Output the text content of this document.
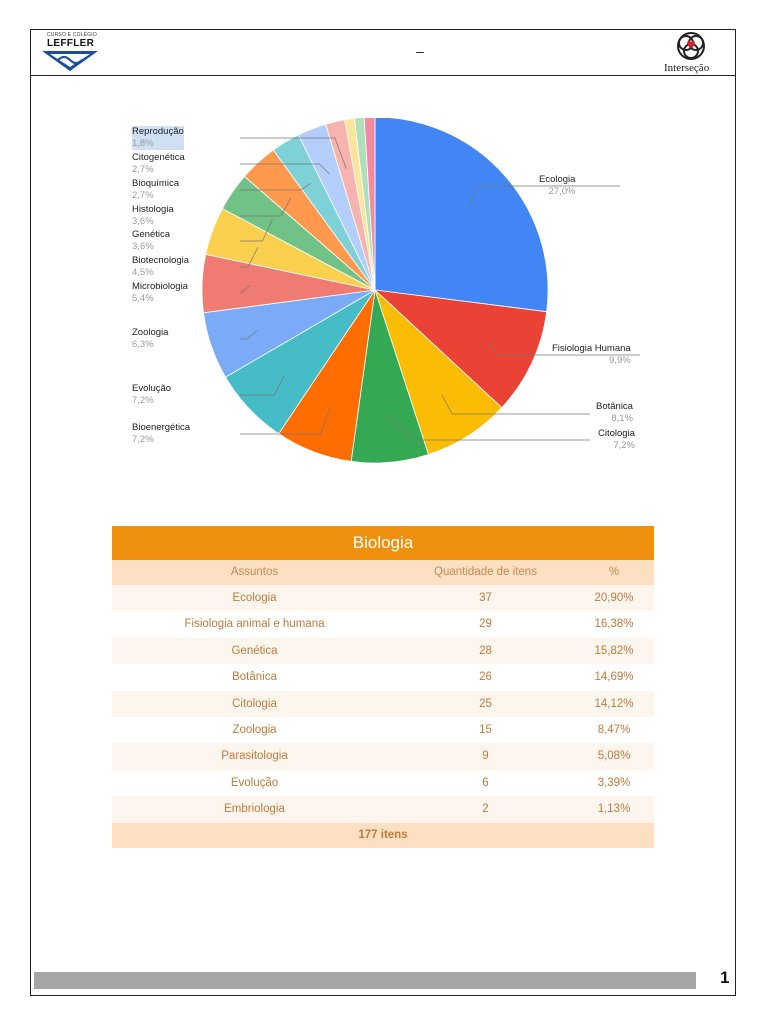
CURSO E COLÉGIO
LEFFLER	–
Interseção
Ecologia
27,0%
Fisiologia Humana
9,9%
Botânica
8,1%
Citologia
7,2%
Bioenergética
7,2%
Evolução
7,2%
Zoologia
6,3%
Microbiologia
5,4%
Biotecnologia
4,5%
Genética
3,6%
Histologia
3,6%
Bioquímica
2,7%
Citogenética
2,7%
Reprodução
1,8%
Biologia
Assuntos	Quantidade de itens	%
Ecologia	37	20,90%
Fisiologia animal e humana	29	16,38%
Genética	28	15,82%
Botânica	26	14,69%
Citologia	25	14,12%
Zoologia	15	8,47%
Parasitologia	9	5,08%
Evolução	6	3,39%
Embriologia	2	1,13%
177 itens
1
